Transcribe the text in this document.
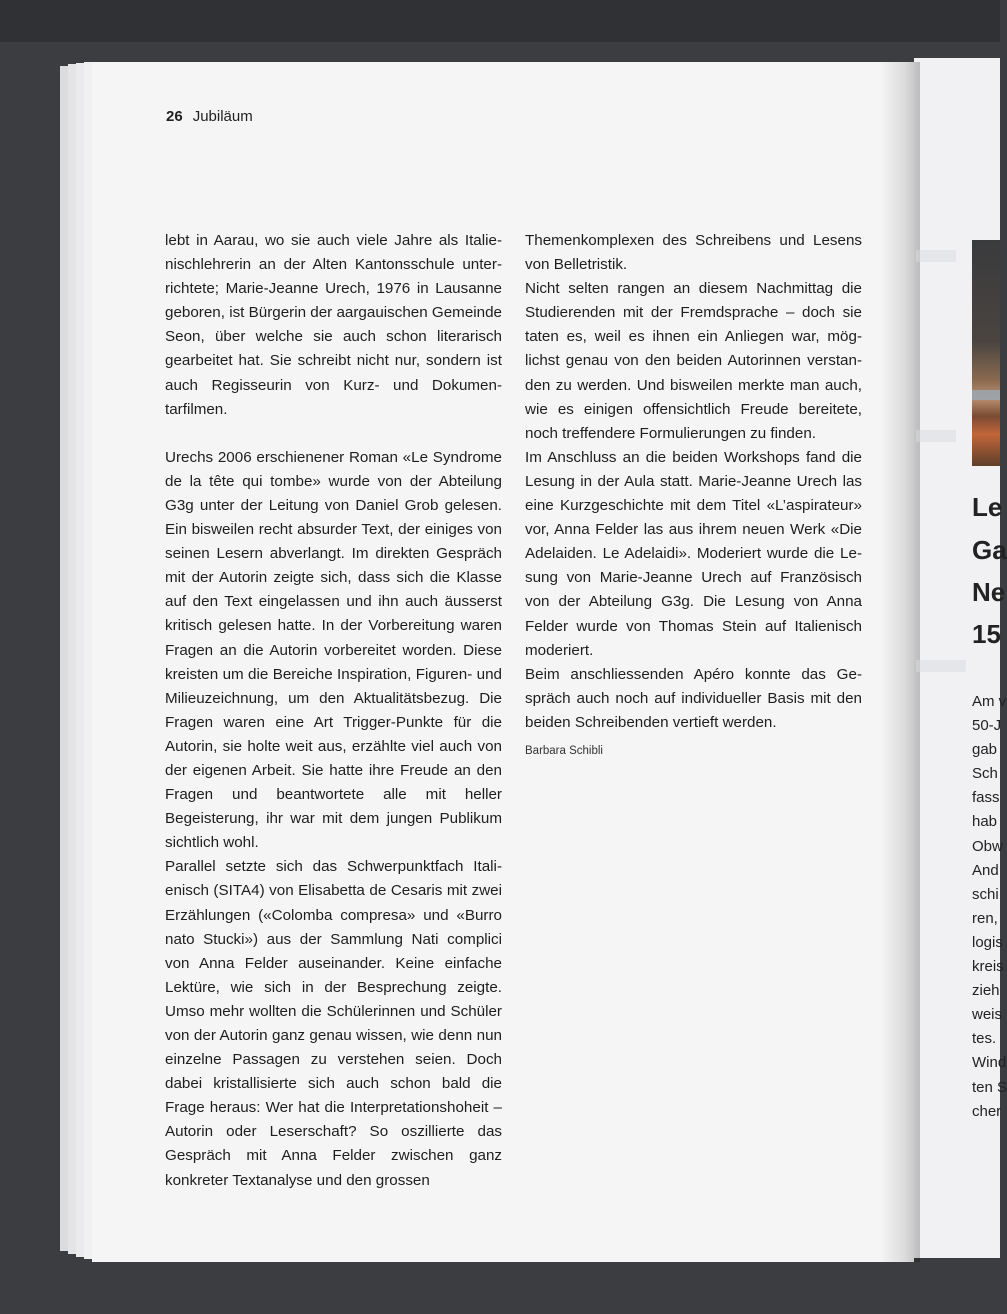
26 Jubiläum

lebt in Aarau, wo sie auch viele Jahre als Italienischlehrerin an der Alten Kantonsschule unterrichtete; Marie-Jeanne Urech, 1976 in Lausanne geboren, ist Bürgerin der aargauischen Gemeinde Seon, über welche sie auch schon literarisch gearbeitet hat. Sie schreibt nicht nur, sondern ist auch Regisseurin von Kurz- und Dokumentarfilmen.

Urechs 2006 erschienener Roman «Le Syndrome de la tête qui tombe» wurde von der Abteilung G3g unter der Leitung von Daniel Grob gelesen. Ein bisweilen recht absurder Text, der einiges von seinen Lesern abverlangt. Im direkten Gespräch mit der Autorin zeigte sich, dass sich die Klasse auf den Text eingelassen und ihn auch äusserst kritisch gelesen hatte. In der Vorbereitung waren Fragen an die Autorin vorbereitet worden. Diese kreisten um die Bereiche Inspiration, Figuren- und Milieuzeichnung, um den Aktualitätsbezug. Die Fragen waren eine Art Trigger-Punkte für die Autorin, sie holte weit aus, erzählte viel auch von der eigenen Arbeit. Sie hatte ihre Freude an den Fragen und beantwortete alle mit heller Begeisterung, ihr war mit dem jungen Publikum sichtlich wohl.

Parallel setzte sich das Schwerpunktfach Italienisch (SITA4) von Elisabetta de Cesaris mit zwei Erzählungen («Colomba compresa» und «Burro nato Stucki») aus der Sammlung Nati complici von Anna Felder auseinander. Keine einfache Lektüre, wie sich in der Besprechung zeigte. Umso mehr wollten die Schülerinnen und Schüler von der Autorin ganz genau wissen, wie denn nun einzelne Passagen zu verstehen seien. Doch dabei kristallisierte sich auch schon bald die Frage heraus: Wer hat die Interpretationshoheit – Autorin oder Leserschaft? So oszillierte das Gespräch mit Anna Felder zwischen ganz konkreter Textanalyse und den grossen

Themenkomplexen des Schreibens und Lesens von Belletristik.

Nicht selten rangen an diesem Nachmittag die Studierenden mit der Fremdsprache – doch sie taten es, weil es ihnen ein Anliegen war, möglichst genau von den beiden Autorinnen verstanden zu werden. Und bisweilen merkte man auch, wie es einigen offensichtlich Freude bereitete, noch treffendere Formulierungen zu finden.

Im Anschluss an die beiden Workshops fand die Lesung in der Aula statt. Marie-Jeanne Urech las eine Kurzgeschichte mit dem Titel «L’aspirateur» vor, Anna Felder las aus ihrem neuen Werk «Die Adelaiden. Le Adelaidi». Moderiert wurde die Lesung von Marie-Jeanne Urech auf Französisch von der Abteilung G3g. Die Lesung von Anna Felder wurde von Thomas Stein auf Italienisch moderiert.

Beim anschliessenden Apéro konnte das Gespräch auch noch auf individueller Basis mit den beiden Schreibenden vertieft werden.

Barbara Schibli
Le
Ga
Ne
15
Am v
50-J
gab
Sch
fass
hab
Obw
And
schi
ren,
logis
kreis
zieh
weis
tes.
Wind
ten S
cher
